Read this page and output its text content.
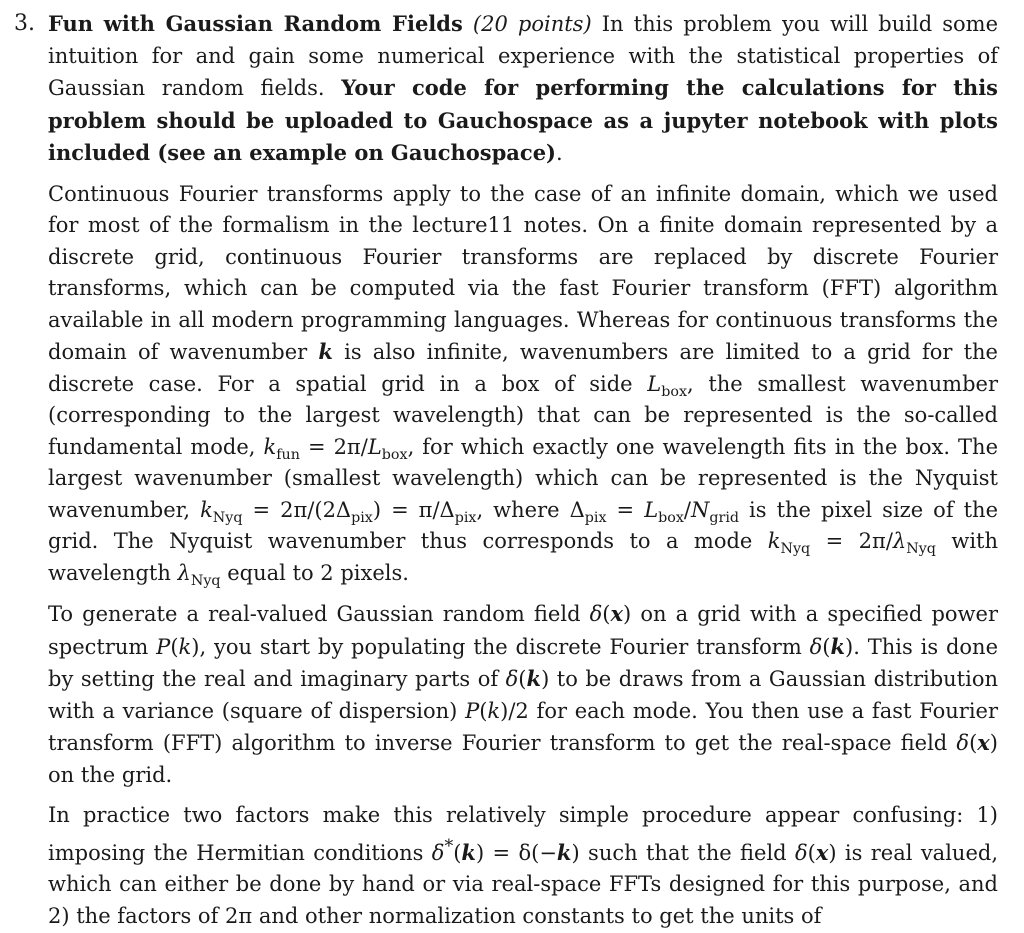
3. Fun with Gaussian Random Fields (20 points) In this problem you will build some intuition for and gain some numerical experience with the statistical properties of Gaussian random fields. Your code for performing the calculations for this problem should be uploaded to Gauchospace as a jupyter notebook with plots included (see an example on Gauchospace).

Continuous Fourier transforms apply to the case of an infinite domain, which we used for most of the formalism in the lecture11 notes. On a finite domain represented by a discrete grid, continuous Fourier transforms are replaced by discrete Fourier transforms, which can be computed via the fast Fourier transform (FFT) algorithm available in all modern programming languages. Whereas for continuous transforms the domain of wavenumber k is also infinite, wavenumbers are limited to a grid for the discrete case. For a spatial grid in a box of side $L_{box}$, the smallest wavenumber (corresponding to the largest wavelength) that can be represented is the so-called fundamental mode, $k_{fun} = 2\pi/L_{box}$, for which exactly one wavelength fits in the box. The largest wavenumber (smallest wavelength) which can be represented is the Nyquist wavenumber, $k_{Nyq} = 2\pi/(2\Delta_{pix}) = \pi/\Delta_{pix}$, where $\Delta_{pix} = L_{box}/N_{grid}$ is the pixel size of the grid. The Nyquist wavenumber thus corresponds to a mode $k_{Nyq} = 2\pi/\lambda_{Nyq}$ with wavelength $\lambda_{Nyq}$ equal to 2 pixels.

To generate a real-valued Gaussian random field δ(x) on a grid with a specified power spectrum P(k), you start by populating the discrete Fourier transform δ(k). This is done by setting the real and imaginary parts of δ(k) to be draws from a Gaussian distribution with a variance (square of dispersion) P(k)/2 for each mode. You then use a fast Fourier transform (FFT) algorithm to inverse Fourier transform to get the real-space field δ(x) on the grid.

In practice two factors make this relatively simple procedure appear confusing: 1) imposing the Hermitian conditions δ*(k) = δ(−k) such that the field δ(x) is real valued, which can either be done by hand or via real-space FFTs designed for this purpose, and 2) the factors of 2π and other normalization constants to get the units of
